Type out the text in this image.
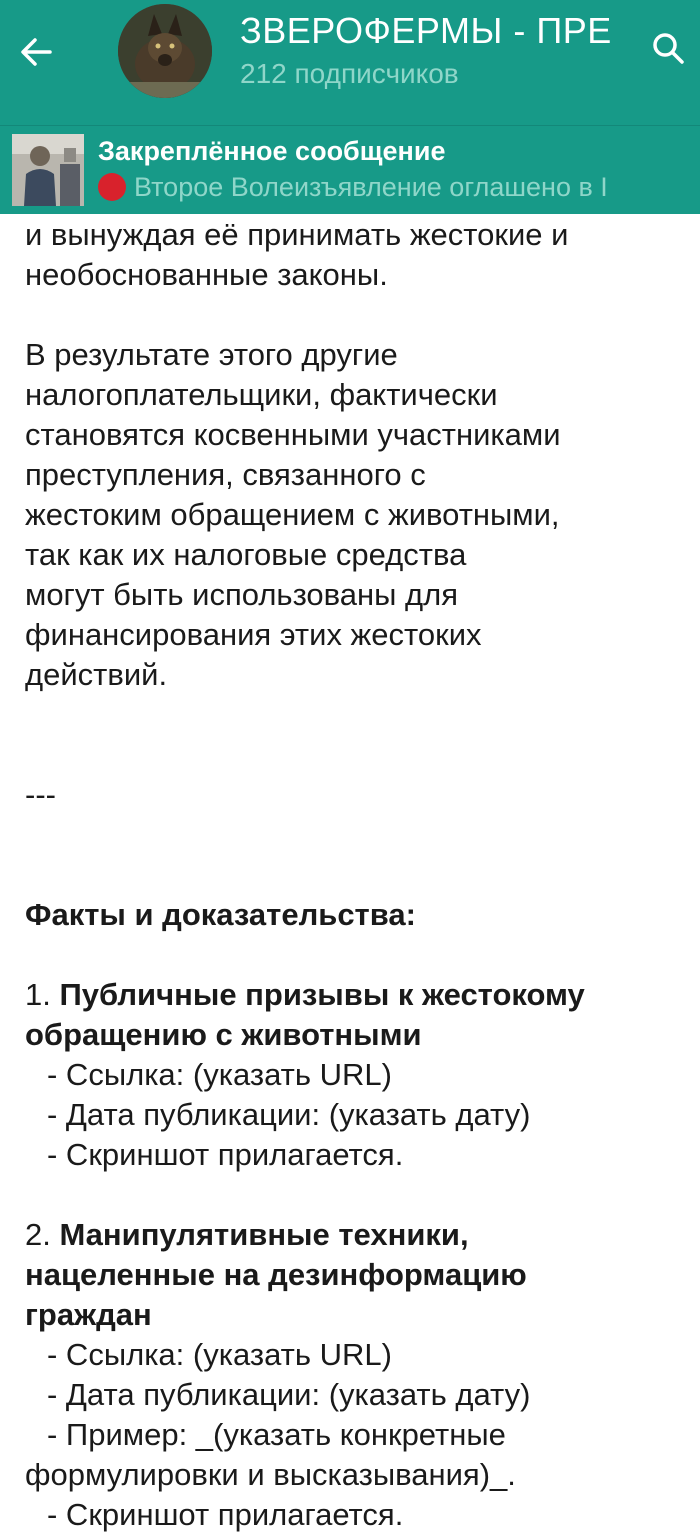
ЗВЕРОФЕРМЫ - ПРЕ
212 подписчиков
Закреплённое сообщение
Второе Волеизъявление оглашено в I
и вынуждая её принимать жестокие и
необоснованные законы.
В результате этого другие
налогоплательщики, фактически
становятся косвенными участниками
преступления, связанного с
жестоким обращением с животными,
так как их налоговые средства
могут быть использованы для
финансирования этих жестоких
действий.
---
Факты и доказательства:
1. Публичные призывы к жестокому
обращению с животными
- Ссылка: (указать URL)
- Дата публикации: (указать дату)
- Скриншот прилагается.
2. Манипулятивные техники,
нацеленные на дезинформацию
граждан
- Ссылка: (указать URL)
- Дата публикации: (указать дату)
- Пример: _(указать конкретные
формулировки и высказывания)_.
- Скриншот прилагается.
